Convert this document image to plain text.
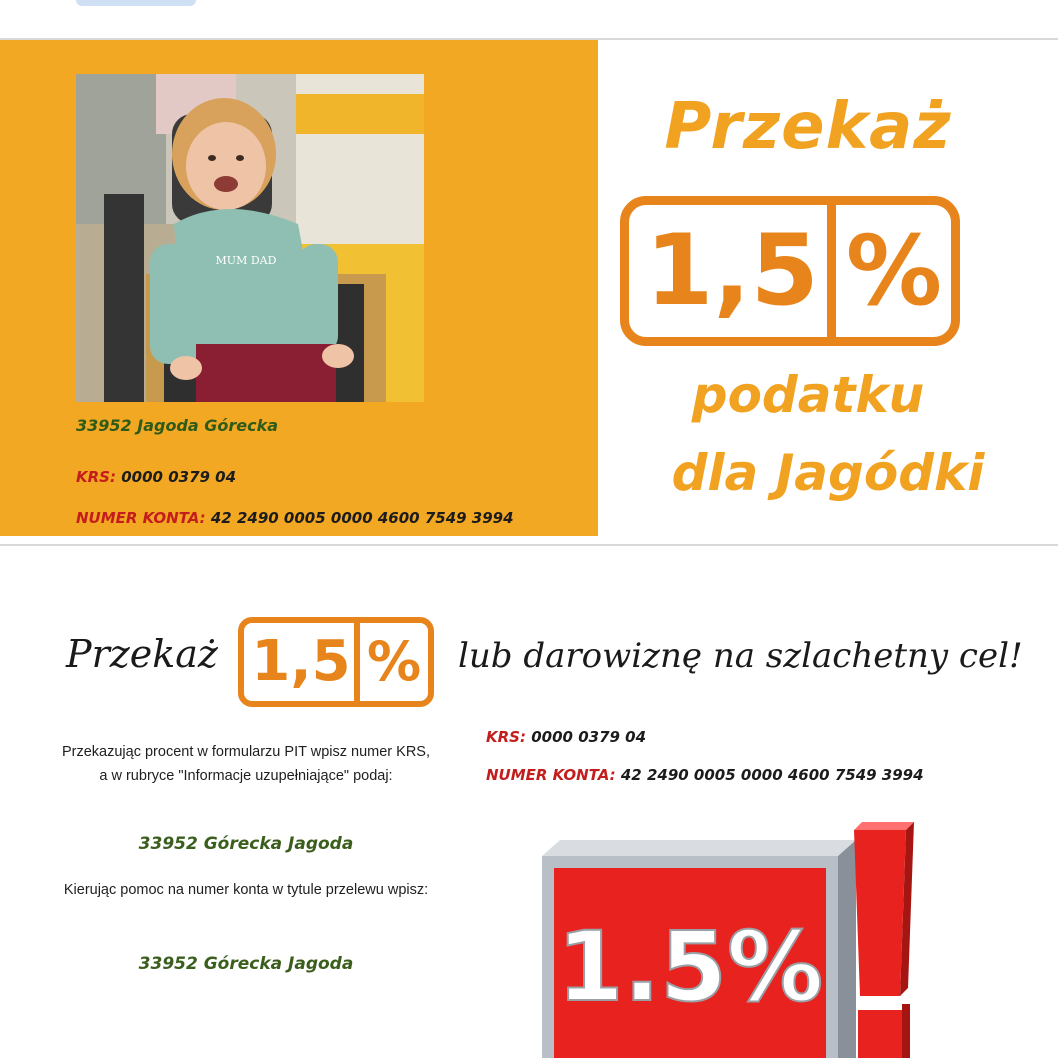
MUM DAD
33952 Jagoda Górecka
KRS: 0000 0379 04
NUMER KONTA: 42 2490 0005 0000 4600 7549 3994
Przekaż
1,5 %
podatku
dla Jagódki
Przekaż 1,5 % lub darowiznę na szlachetny cel!
Przekazując procent w formularzu PIT wpisz numer KRS, a w rubryce "Informacje uzupełniające" podaj:
33952 Górecka Jagoda
Kierując pomoc na numer konta w tytule przelewu wpisz:
33952 Górecka Jagoda
KRS: 0000 0379 04
NUMER KONTA: 42 2490 0005 0000 4600 7549 3994
1.5%
